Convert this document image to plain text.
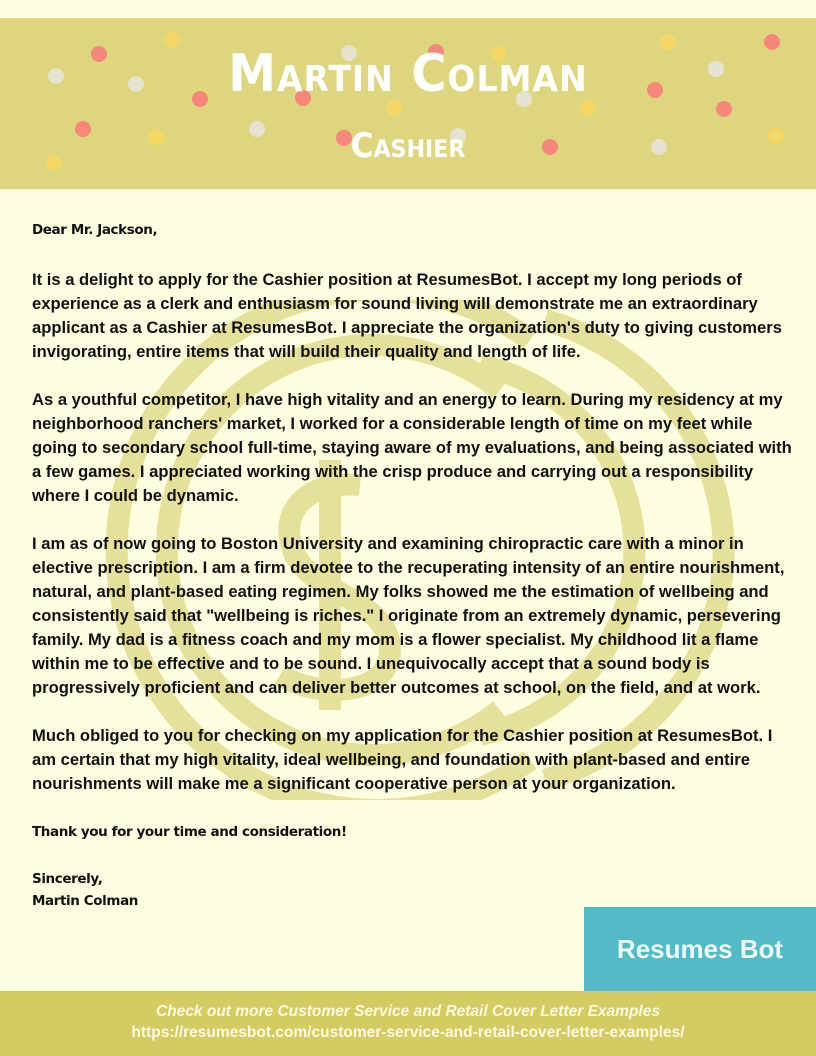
Martin Colman
Cashier
Dear Mr. Jackson,

It is a delight to apply for the Cashier position at ResumesBot. I accept my long periods of experience as a clerk and enthusiasm for sound living will demonstrate me an extraordinary applicant as a Cashier at ResumesBot. I appreciate the organization's duty to giving customers invigorating, entire items that will build their quality and length of life.

As a youthful competitor, I have high vitality and an energy to learn. During my residency at my neighborhood ranchers' market, I worked for a considerable length of time on my feet while going to secondary school full-time, staying aware of my evaluations, and being associated with a few games. I appreciated working with the crisp produce and carrying out a responsibility where I could be dynamic.

I am as of now going to Boston University and examining chiropractic care with a minor in elective prescription. I am a firm devotee to the recuperating intensity of an entire nourishment, natural, and plant-based eating regimen. My folks showed me the estimation of wellbeing and consistently said that "wellbeing is riches." I originate from an extremely dynamic, persevering family. My dad is a fitness coach and my mom is a flower specialist. My childhood lit a flame within me to be effective and to be sound. I unequivocally accept that a sound body is progressively proficient and can deliver better outcomes at school, on the field, and at work.

Much obliged to you for checking on my application for the Cashier position at ResumesBot. I am certain that my high vitality, ideal wellbeing, and foundation with plant-based and entire nourishments will make me a significant cooperative person at your organization.

Thank you for your time and consideration!
Sincerely,
Martin Colman
Resumes Bot
Check out more Customer Service and Retail Cover Letter Examples
https://resumesbot.com/customer-service-and-retail-cover-letter-examples/
